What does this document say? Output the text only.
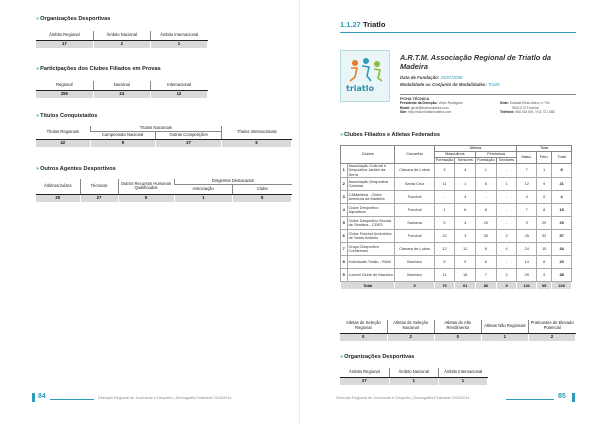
»Organizações Desportivas
Âmbito Regional	Âmbito Nacional	Âmbito Internacional
17	2	1
»Participações dos Clubes Filiados em Provas
Regional	Nacional	Internacional
255	24	12
»Títulos Conquistados
Títulos Regionais	Títulos Nacionais		Títulos Internacionais
	Campeonato Nacional	Outras Competições	
42	9	27	6
»Outros Agentes Desportivos
Árbitros/Juízes	Técnicos	Outros Recursos Humanos Qualificados	Dirigentes Destacados	
			Associação	Clube
20	27	5	1	8
84	Direcção Regional de Juventude e Desporto | Demografia Federada 2013/2014
1.1.27 Triatlo
triatlo
A.R.T.M. Associação Regional de Triatlo da Madeira
Data de Fundação: 25/07/2008
Modalidade ou Conjunto de Modalidades: Triatlo
FICHA TÉCNICA
Presidente da Direcção: Victor Rodrigues
Email: geral@triatlomadeira.com
Site: http://www.triatlomadeira.com
Sede: Estrada Eiras-Aleixo n.º 9A
9000-073 Funchal
Telefone: 968 316 891 / 911 721 588
»Clubes Filiados e Atletas Federados
Clubes		Concelho	Atletas				Total		
			Masculinos		Femininos		Masc.	Fem.	Total
			Formação	Seniores	Formação	Seniores			
1	Associação Cultural e Desportiva Jardim da Serra	Câmara de Lobos	3	4	1	-	7	1	8
2	Associação Desportiva Galomar	Santa Cruz	11	1	8	1	12	9	21
3	CAMadeira - Clube Aventura da Madeira	Funchal	-	4	-	-	4	0	4
4	Clube Desportivo Aquaticos	Funchal	1	6	8	-	7	8	15
5	Clube Desportivo Escola de Santana - CDES	Santana	5	4	20	-	9	20	29
6	Clube Futebol Andorinha de Santo António	Funchal	22	3	30	2	25	32	57
7	Grupo Desportivo Cortilenses	Câmara de Lobos	12	12	6	4	24	10	34
8	Individuais Triatlo - RAM	Machico	5	9	6	-	14	6	20
9	Juvenil Clube de Machico	Machico	11	18	7	2	29	9	38
Total		5	70	61	86	9	131	95	226
Atletas de Seleção Regional	Atletas de Seleção Nacional	Atletas de Alto Rendimento	Atletas Não Regionais	Praticantes de Elevado Potencial
0	2	0	1	2
»Organizações Desportivas
Âmbito Regional	Âmbito Nacional	Âmbito Internacional
27	1	1
Direcção Regional de Juventude e Desporto | Demografia Federada 2013/2014	85
